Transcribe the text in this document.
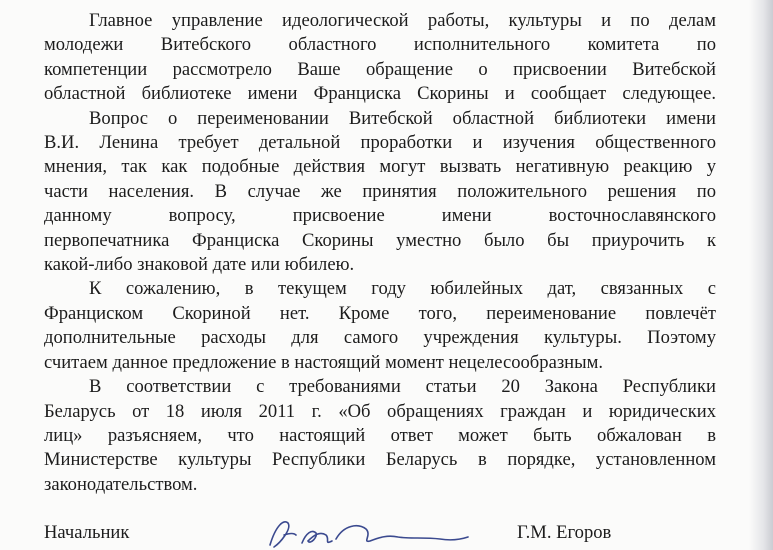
Главное управление идеологической работы, культуры и по делам
молодежи Витебского областного исполнительного комитета по
компетенции рассмотрело Ваше обращение о присвоении Витебской
областной библиотеке имени Франциска Скорины и сообщает следующее.

Вопрос о переименовании Витебской областной библиотеки имени
В.И. Ленина требует детальной проработки и изучения общественного
мнения, так как подобные действия могут вызвать негативную реакцию у
части населения. В случае же принятия положительного решения по
данному вопросу, присвоение имени восточнославянского
первопечатника Франциска Скорины уместно было бы приурочить к
какой-либо знаковой дате или юбилею.

К сожалению, в текущем году юбилейных дат, связанных с
Франциском Скориной нет. Кроме того, переименование повлечёт
дополнительные расходы для самого учреждения культуры. Поэтому
считаем данное предложение в настоящий момент нецелесообразным.

В соответствии с требованиями статьи 20 Закона Республики
Беларусь от 18 июля 2011 г. «Об обращениях граждан и юридических
лиц» разъясняем, что настоящий ответ может быть обжалован в
Министерстве культуры Республики Беларусь в порядке, установленном
законодательством.

Начальник	Г.М. Егоров
